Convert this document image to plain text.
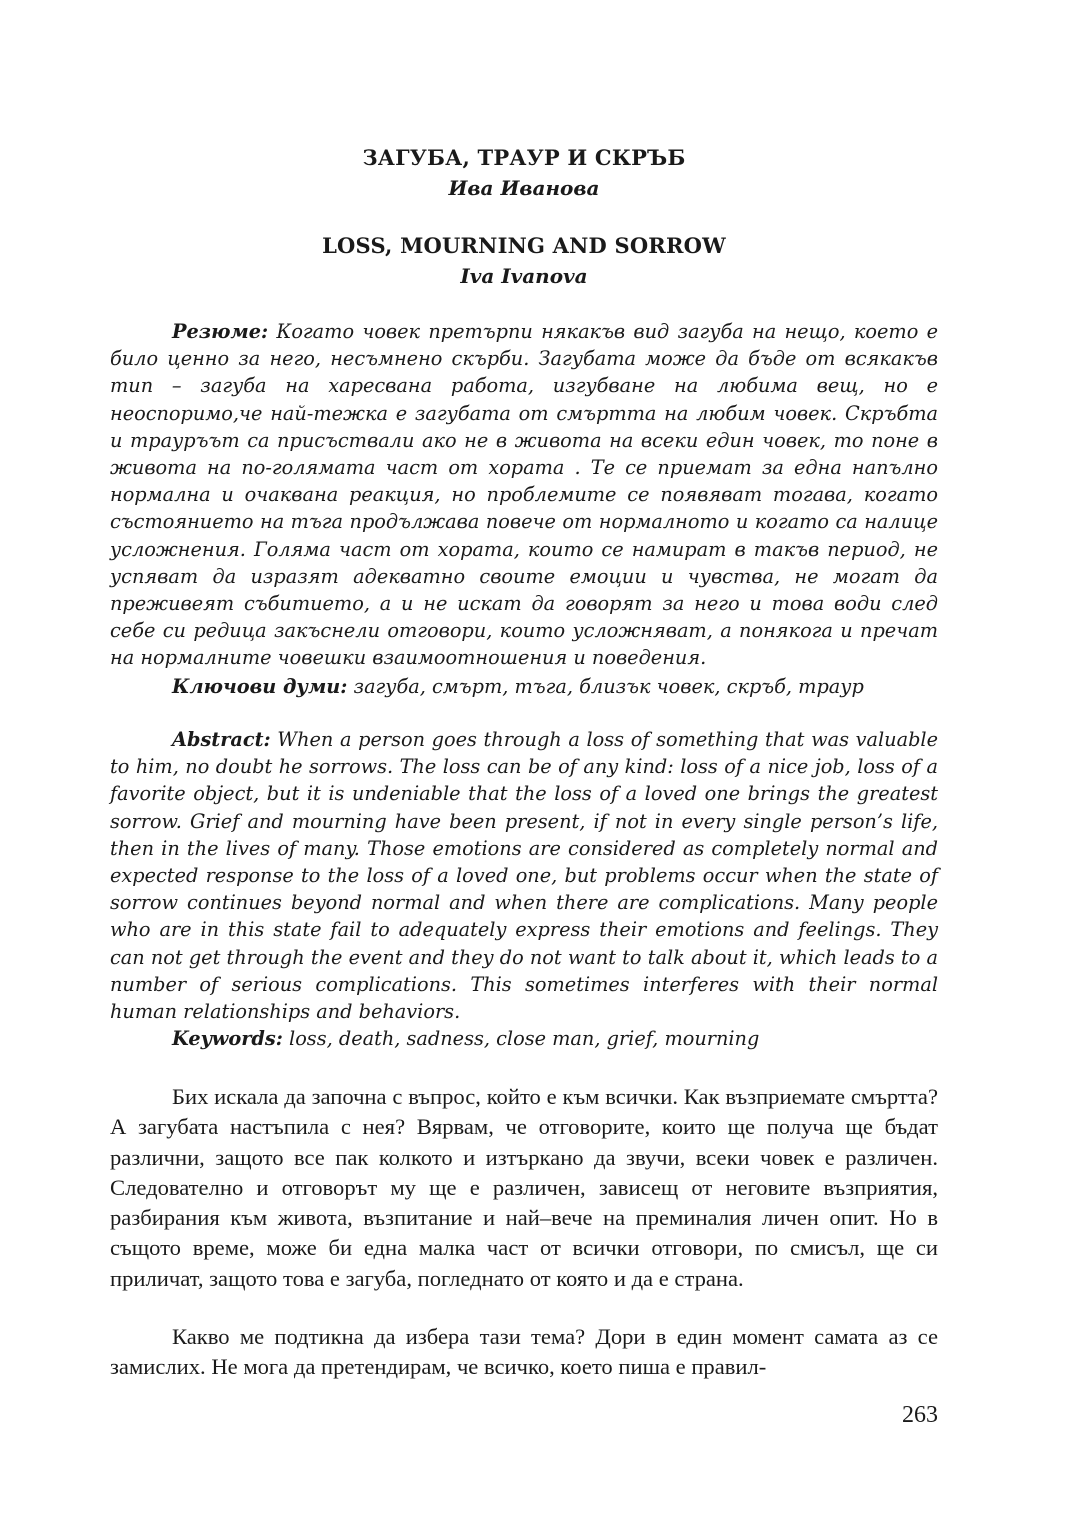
ЗАГУБА, ТРАУР И СКРЪБ
Ива Иванова
LOSS, MOURNING AND SORROW
Iva Ivanova

Резюме: Когато човек претърпи някакъв вид загуба на нещо, което е било ценно за него, несъмнено скърби. Загубата може да бъде от всякакъв тип – загуба на харесвана работа, изгубване на любима вещ, но е неоспоримо,че най-тежка е загубата от смъртта на любим човек. Скръбта и трауръът са присъствали ако не в живота на всеки един човек, то поне в живота на по-голямата част от хората . Те се приемат за една напълно нормална и очаквана реакция, но проблемите се появяват тогава, когато състоянието на тъга продължава повече от нормалното и когато са налице усложнения. Голяма част от хората, които се намират в такъв период, не успяват да изразят адекватно своите емоции и чувства, не могат да преживеят събитието, а и не искат да говорят за него и това води след себе си редица закъснели отговори, които усложняват, а понякога и пречат на нормалните човешки взаимоотношения и поведения.

Ключови думи: загуба, смърт, тъга, близък човек, скръб, траур

Abstract: When a person goes through a loss of something that was valuable to him, no doubt he sorrows. The loss can be of any kind: loss of a nice job, loss of a favorite object, but it is undeniable that the loss of a loved one brings the greatest sorrow. Grief and mourning have been present, if not in every single person’s life, then in the lives of many. Those emotions are considered as completely normal and expected response to the loss of a loved one, but problems occur when the state of sorrow continues beyond normal and when there are complications. Many people who are in this state fail to adequately express their emotions and feelings. They can not get through the event and they do not want to talk about it, which leads to a number of serious complications. This sometimes interferes with their normal human relationships and behaviors.

Keywords: loss, death, sadness, close man, grief, mourning

Бих искала да започна с въпрос, който е към всички. Как възприемате смъртта? А загубата настъпила с нея? Вярвам, че отговорите, които ще получа ще бъдат различни, защото все пак колкото и изтъркано да звучи, всеки човек е различен. Следователно и отговорът му ще е различен, зависещ от неговите възприятия, разбирания към живота, възпитание и най–вече на преминалия личен опит. Но в същото време, може би една малка част от всички отговори, по смисъл, ще си приличат, защото това е загуба, погледнато от която и да е страна.

Какво ме подтикна да избера тази тема? Дори в един момент самата аз се замислих. Не мога да претендирам, че всичко, което пиша е правил-

263
